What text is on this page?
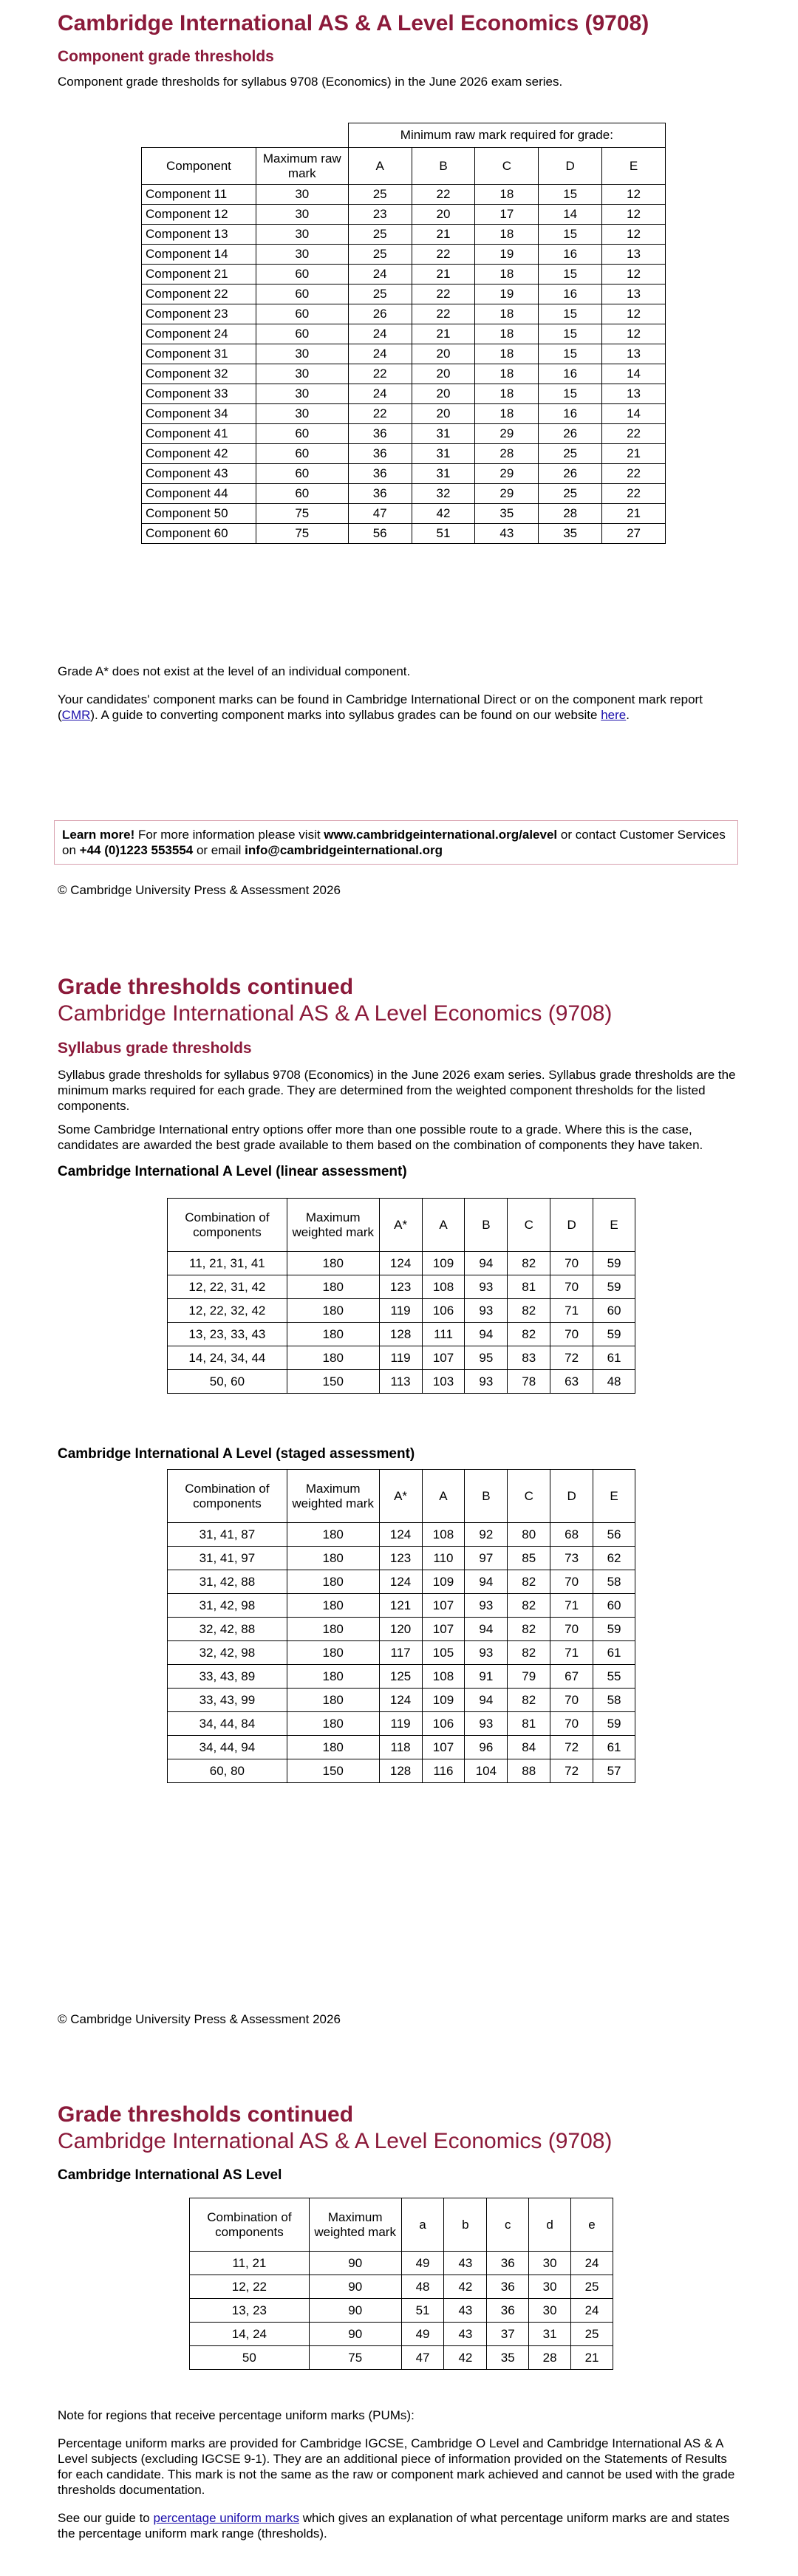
Cambridge International AS & A Level Economics (9708)
Component grade thresholds

Component grade thresholds for syllabus 9708 (Economics) in the June 2026 exam series.

		Minimum raw mark required for grade:				
Component	Maximum raw mark	A	B	C	D	E
Component 11	30	25	22	18	15	12
Component 12	30	23	20	17	14	12
Component 13	30	25	21	18	15	12
Component 14	30	25	22	19	16	13
Component 21	60	24	21	18	15	12
Component 22	60	25	22	19	16	13
Component 23	60	26	22	18	15	12
Component 24	60	24	21	18	15	12
Component 31	30	24	20	18	15	13
Component 32	30	22	20	18	16	14
Component 33	30	24	20	18	15	13
Component 34	30	22	20	18	16	14
Component 41	60	36	31	29	26	22
Component 42	60	36	31	28	25	21
Component 43	60	36	31	29	26	22
Component 44	60	36	32	29	25	22
Component 50	75	47	42	35	28	21
Component 60	75	56	51	43	35	27

Grade A* does not exist at the level of an individual component.

Your candidates' component marks can be found in Cambridge International Direct or on the component mark report (CMR). A guide to converting component marks into syllabus grades can be found on our website here.

Learn more! For more information please visit www.cambridgeinternational.org/alevel or contact Customer Services on +44 (0)1223 553554 or email info@cambridgeinternational.org

© Cambridge University Press & Assessment 2026

Grade thresholds continued
Cambridge International AS & A Level Economics (9708)
Syllabus grade thresholds

Syllabus grade thresholds for syllabus 9708 (Economics) in the June 2026 exam series. Syllabus grade thresholds are the minimum marks required for each grade. They are determined from the weighted component thresholds for the listed components.

Some Cambridge International entry options offer more than one possible route to a grade. Where this is the case, candidates are awarded the best grade available to them based on the combination of components they have taken.

Cambridge International A Level (linear assessment)
Combination of components	Maximum weighted mark	A*	A	B	C	D	E
11, 21, 31, 41	180	124	109	94	82	70	59
12, 22, 31, 42	180	123	108	93	81	70	59
12, 22, 32, 42	180	119	106	93	82	71	60
13, 23, 33, 43	180	128	111	94	82	70	59
14, 24, 34, 44	180	119	107	95	83	72	61
50, 60	150	113	103	93	78	63	48
Cambridge International A Level (staged assessment)
Combination of components	Maximum weighted mark	A*	A	B	C	D	E
31, 41, 87	180	124	108	92	80	68	56
31, 41, 97	180	123	110	97	85	73	62
31, 42, 88	180	124	109	94	82	70	58
31, 42, 98	180	121	107	93	82	71	60
32, 42, 88	180	120	107	94	82	70	59
32, 42, 98	180	117	105	93	82	71	61
33, 43, 89	180	125	108	91	79	67	55
33, 43, 99	180	124	109	94	82	70	58
34, 44, 84	180	119	106	93	81	70	59
34, 44, 94	180	118	107	96	84	72	61
60, 80	150	128	116	104	88	72	57

© Cambridge University Press & Assessment 2026

Grade thresholds continued
Cambridge International AS & A Level Economics (9708)
Cambridge International AS Level
Combination of components	Maximum weighted mark	a	b	c	d	e
11, 21	90	49	43	36	30	24
12, 22	90	48	42	36	30	25
13, 23	90	51	43	36	30	24
14, 24	90	49	43	37	31	25
50	75	47	42	35	28	21

Note for regions that receive percentage uniform marks (PUMs):

Percentage uniform marks are provided for Cambridge IGCSE, Cambridge O Level and Cambridge International AS & A Level subjects (excluding IGCSE 9-1). They are an additional piece of information provided on the Statements of Results for each candidate. This mark is not the same as the raw or component mark achieved and cannot be used with the grade thresholds documentation.

See our guide to percentage uniform marks which gives an explanation of what percentage uniform marks are and states the percentage uniform mark range (thresholds).
